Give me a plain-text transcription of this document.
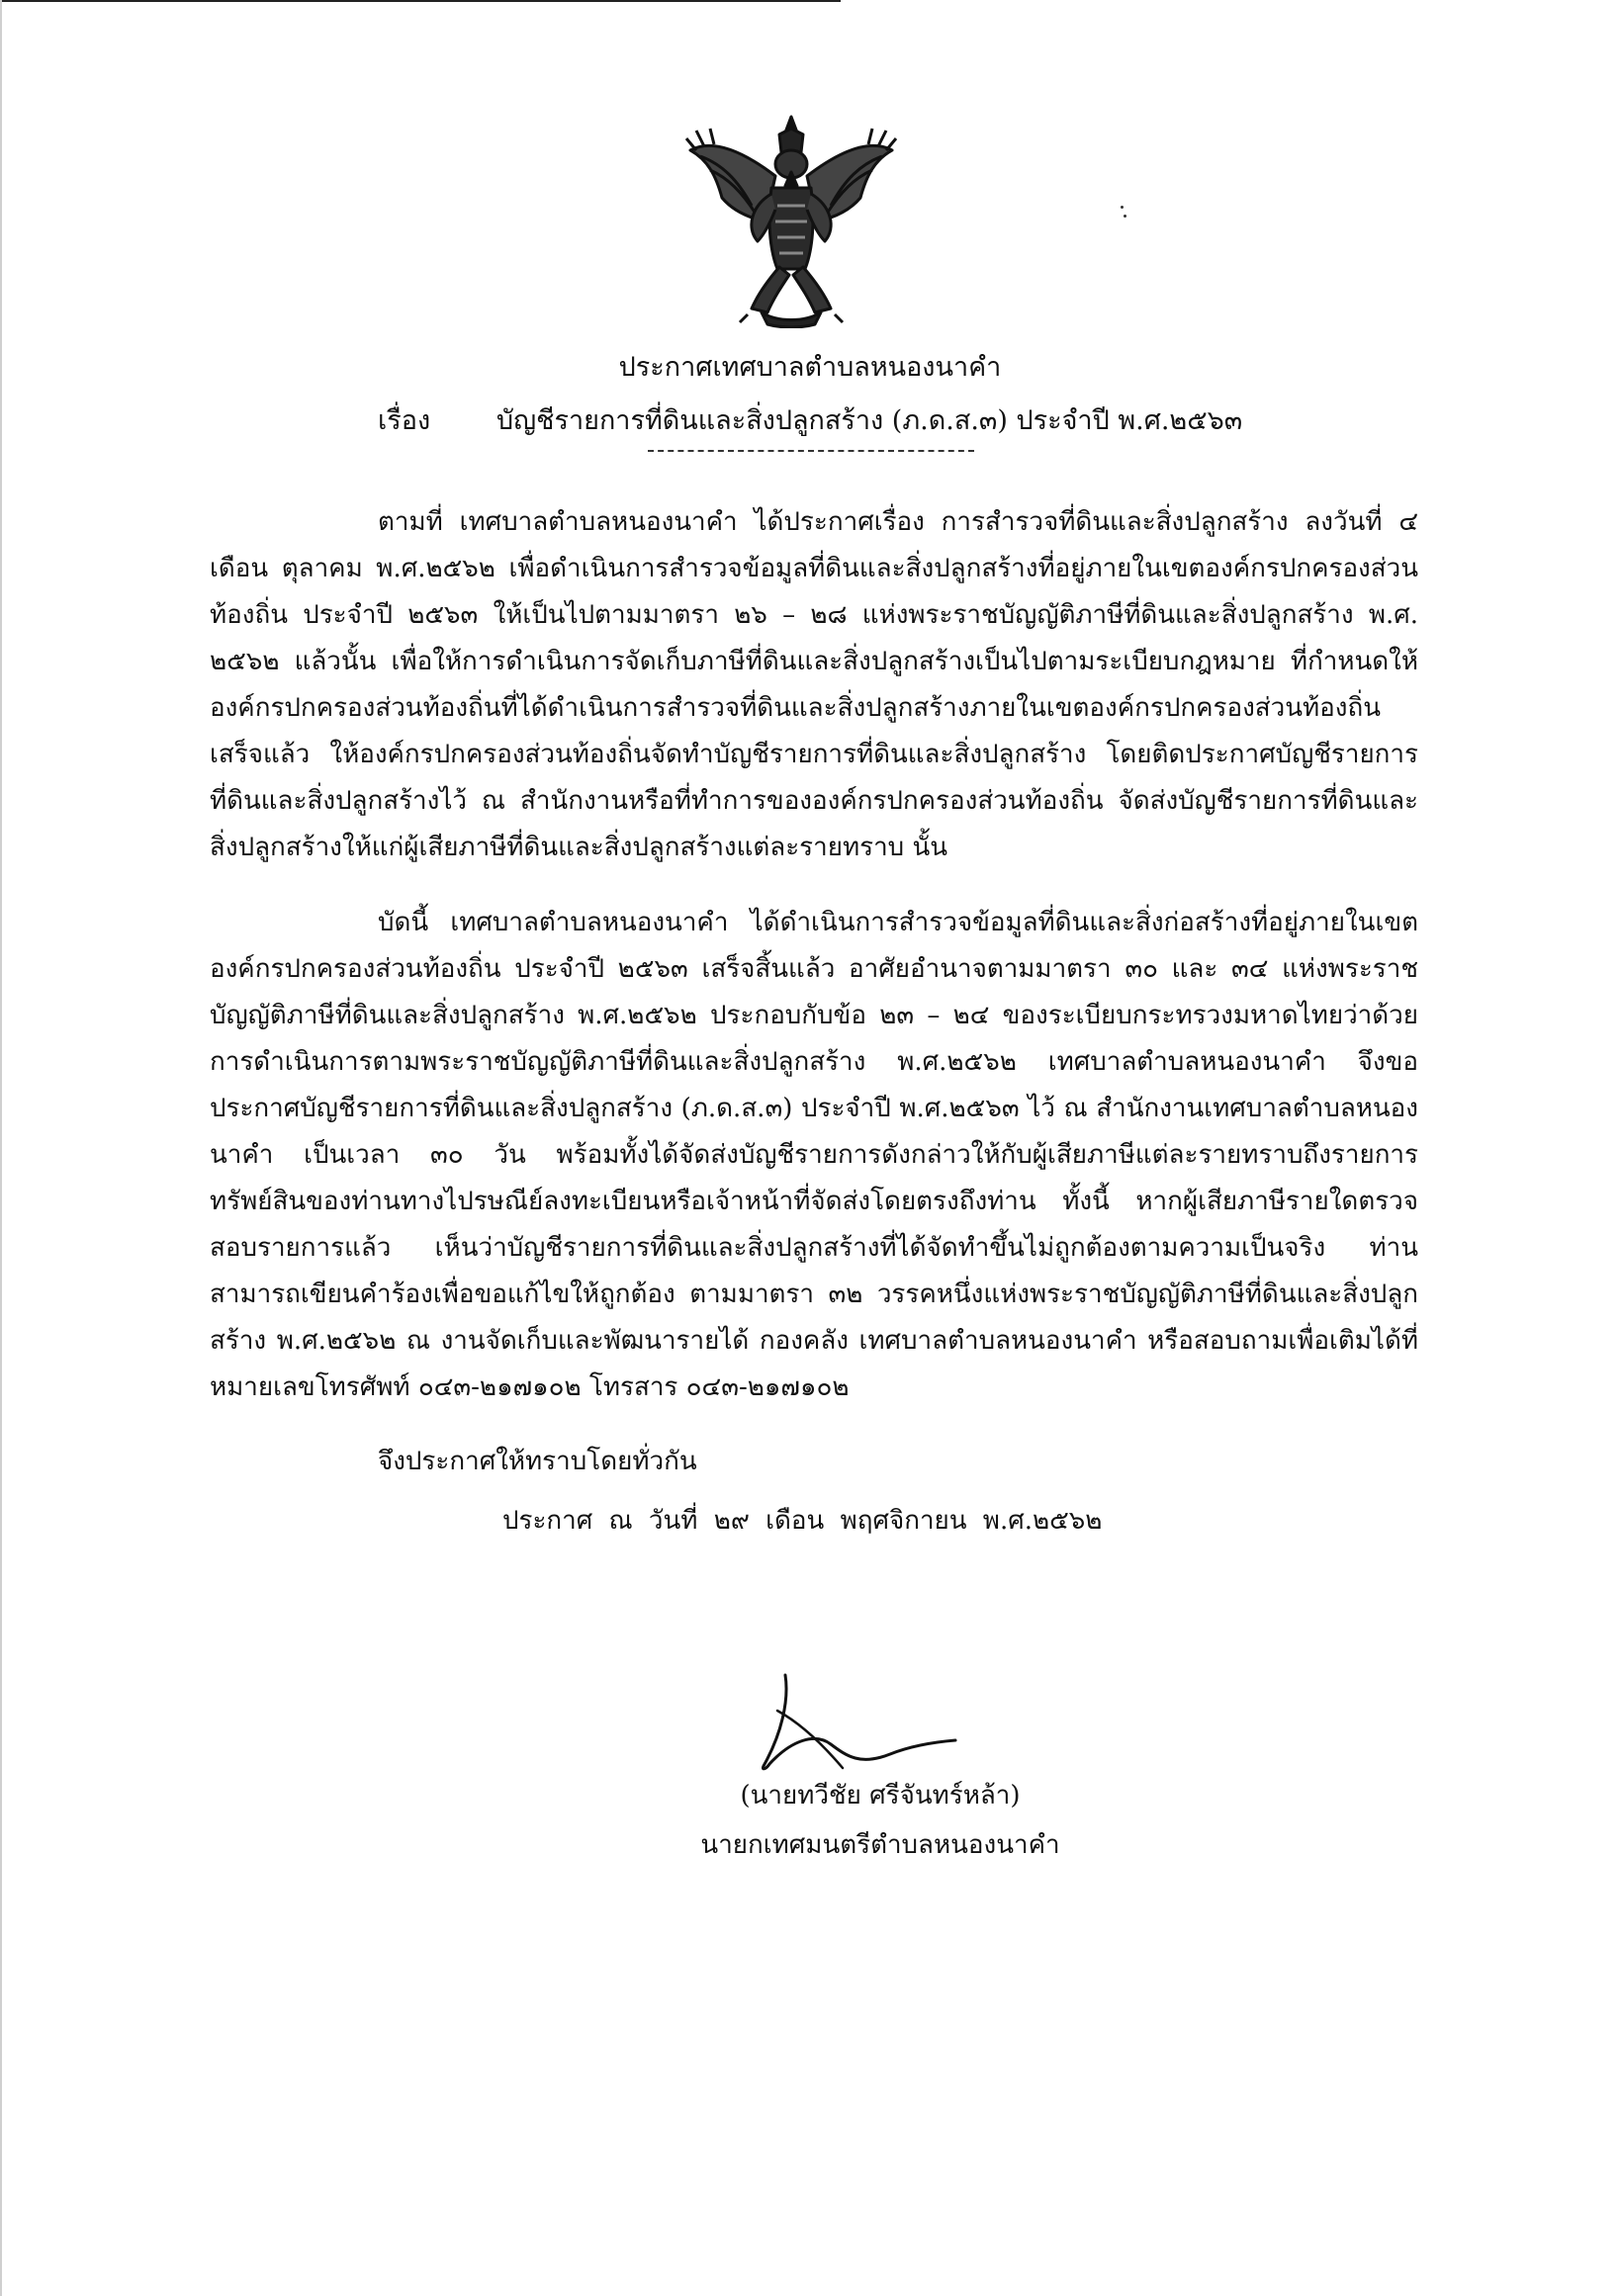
ประกาศเทศบาลตำบลหนองนาคำ
เรื่อง บัญชีรายการที่ดินและสิ่งปลูกสร้าง (ภ.ด.ส.๓) ประจำปี พ.ศ.๒๕๖๓
ตามที่ เทศบาลตำบลหนองนาคำ ได้ประกาศเรื่อง การสำรวจที่ดินและสิ่งปลูกสร้าง ลงวันที่ ๔ เดือน ตุลาคม พ.ศ.๒๕๖๒ เพื่อดำเนินการสำรวจข้อมูลที่ดินและสิ่งปลูกสร้างที่อยู่ภายในเขตองค์กรปกครองส่วนท้องถิ่น ประจำปี ๒๕๖๓ ให้เป็นไปตามมาตรา ๒๖ – ๒๘ แห่งพระราชบัญญัติภาษีที่ดินและสิ่งปลูกสร้าง พ.ศ. ๒๕๖๒ แล้วนั้น เพื่อให้การดำเนินการจัดเก็บภาษีที่ดินและสิ่งปลูกสร้างเป็นไปตามระเบียบกฎหมาย ที่กำหนดให้องค์กรปกครองส่วนท้องถิ่นที่ได้ดำเนินการสำรวจที่ดินและสิ่งปลูกสร้างภายในเขตองค์กรปกครองส่วนท้องถิ่นเสร็จแล้ว ให้องค์กรปกครองส่วนท้องถิ่นจัดทำบัญชีรายการที่ดินและสิ่งปลูกสร้าง โดยติดประกาศบัญชีรายการที่ดินและสิ่งปลูกสร้างไว้ ณ สำนักงานหรือที่ทำการขององค์กรปกครองส่วนท้องถิ่น จัดส่งบัญชีรายการที่ดินและสิ่งปลูกสร้างให้แก่ผู้เสียภาษีที่ดินและสิ่งปลูกสร้างแต่ละรายทราบ นั้น
บัดนี้ เทศบาลตำบลหนองนาคำ ได้ดำเนินการสำรวจข้อมูลที่ดินและสิ่งก่อสร้างที่อยู่ภายในเขตองค์กรปกครองส่วนท้องถิ่น ประจำปี ๒๕๖๓ เสร็จสิ้นแล้ว อาศัยอำนาจตามมาตรา ๓๐ และ ๓๔ แห่งพระราชบัญญัติภาษีที่ดินและสิ่งปลูกสร้าง พ.ศ.๒๕๖๒ ประกอบกับข้อ ๒๓ – ๒๔ ของระเบียบกระทรวงมหาดไทยว่าด้วยการดำเนินการตามพระราชบัญญัติภาษีที่ดินและสิ่งปลูกสร้าง พ.ศ.๒๕๖๒ เทศบาลตำบลหนองนาคำ จึงขอประกาศบัญชีรายการที่ดินและสิ่งปลูกสร้าง (ภ.ด.ส.๓) ประจำปี พ.ศ.๒๕๖๓ ไว้ ณ สำนักงานเทศบาลตำบลหนองนาคำ เป็นเวลา ๓๐ วัน พร้อมทั้งได้จัดส่งบัญชีรายการดังกล่าวให้กับผู้เสียภาษีแต่ละรายทราบถึงรายการทรัพย์สินของท่านทางไปรษณีย์ลงทะเบียนหรือเจ้าหน้าที่จัดส่งโดยตรงถึงท่าน ทั้งนี้ หากผู้เสียภาษีรายใดตรวจสอบรายการแล้ว เห็นว่าบัญชีรายการที่ดินและสิ่งปลูกสร้างที่ได้จัดทำขึ้นไม่ถูกต้องตามความเป็นจริง ท่านสามารถเขียนคำร้องเพื่อขอแก้ไขให้ถูกต้อง ตามมาตรา ๓๒ วรรคหนึ่งแห่งพระราชบัญญัติภาษีที่ดินและสิ่งปลูกสร้าง พ.ศ.๒๕๖๒ ณ งานจัดเก็บและพัฒนารายได้ กองคลัง เทศบาลตำบลหนองนาคำ หรือสอบถามเพื่อเติมได้ที่หมายเลขโทรศัพท์ ๐๔๓-๒๑๗๑๐๒ โทรสาร ๐๔๓-๒๑๗๑๐๒
จึงประกาศให้ทราบโดยทั่วกัน
ประกาศ ณ วันที่ ๒๙ เดือน พฤศจิกายน พ.ศ.๒๕๖๒
(นายทวีชัย ศรีจันทร์หล้า)
นายกเทศมนตรีตำบลหนองนาคำ
